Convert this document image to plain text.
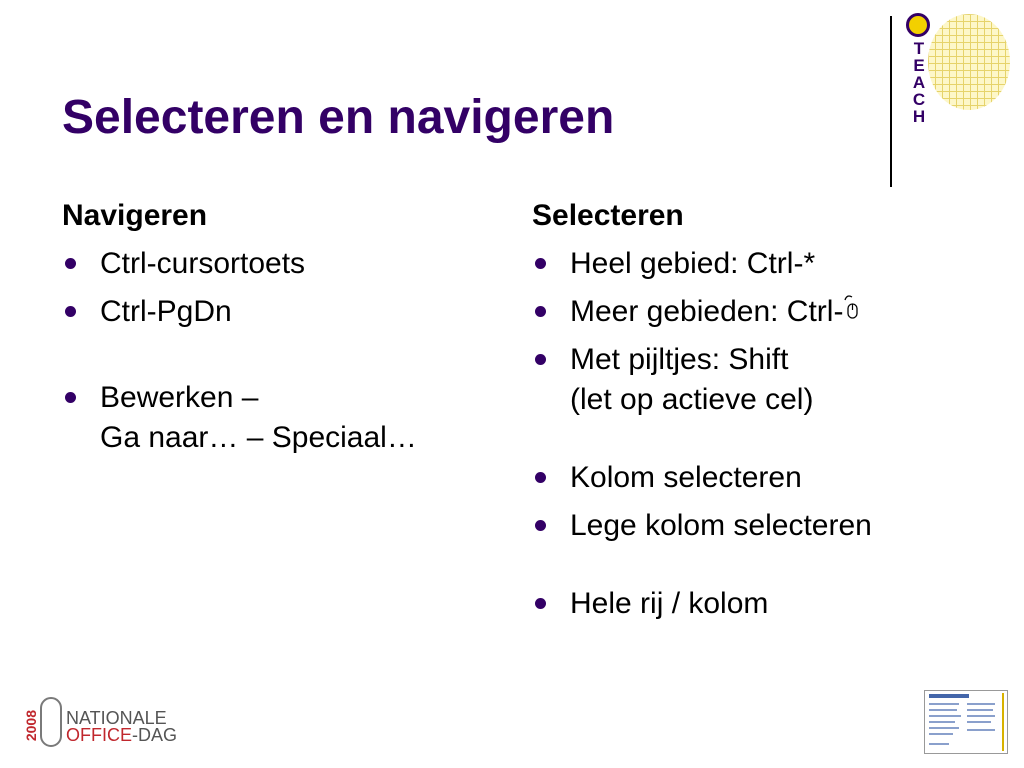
Selecteren en navigeren

T
E
A
C
H

Navigeren
Ctrl-cursortoets
Ctrl-PgDn
Bewerken –
Ga naar… – Speciaal…
Selecteren
Heel gebied: Ctrl-*
Meer gebieden: Ctrl-
Met pijltjes: Shift
(let op actieve cel)
Kolom selecteren
Lege kolom selecteren
Hele rij / kolom

2008 NATIONALE

OFFICE-DAG
